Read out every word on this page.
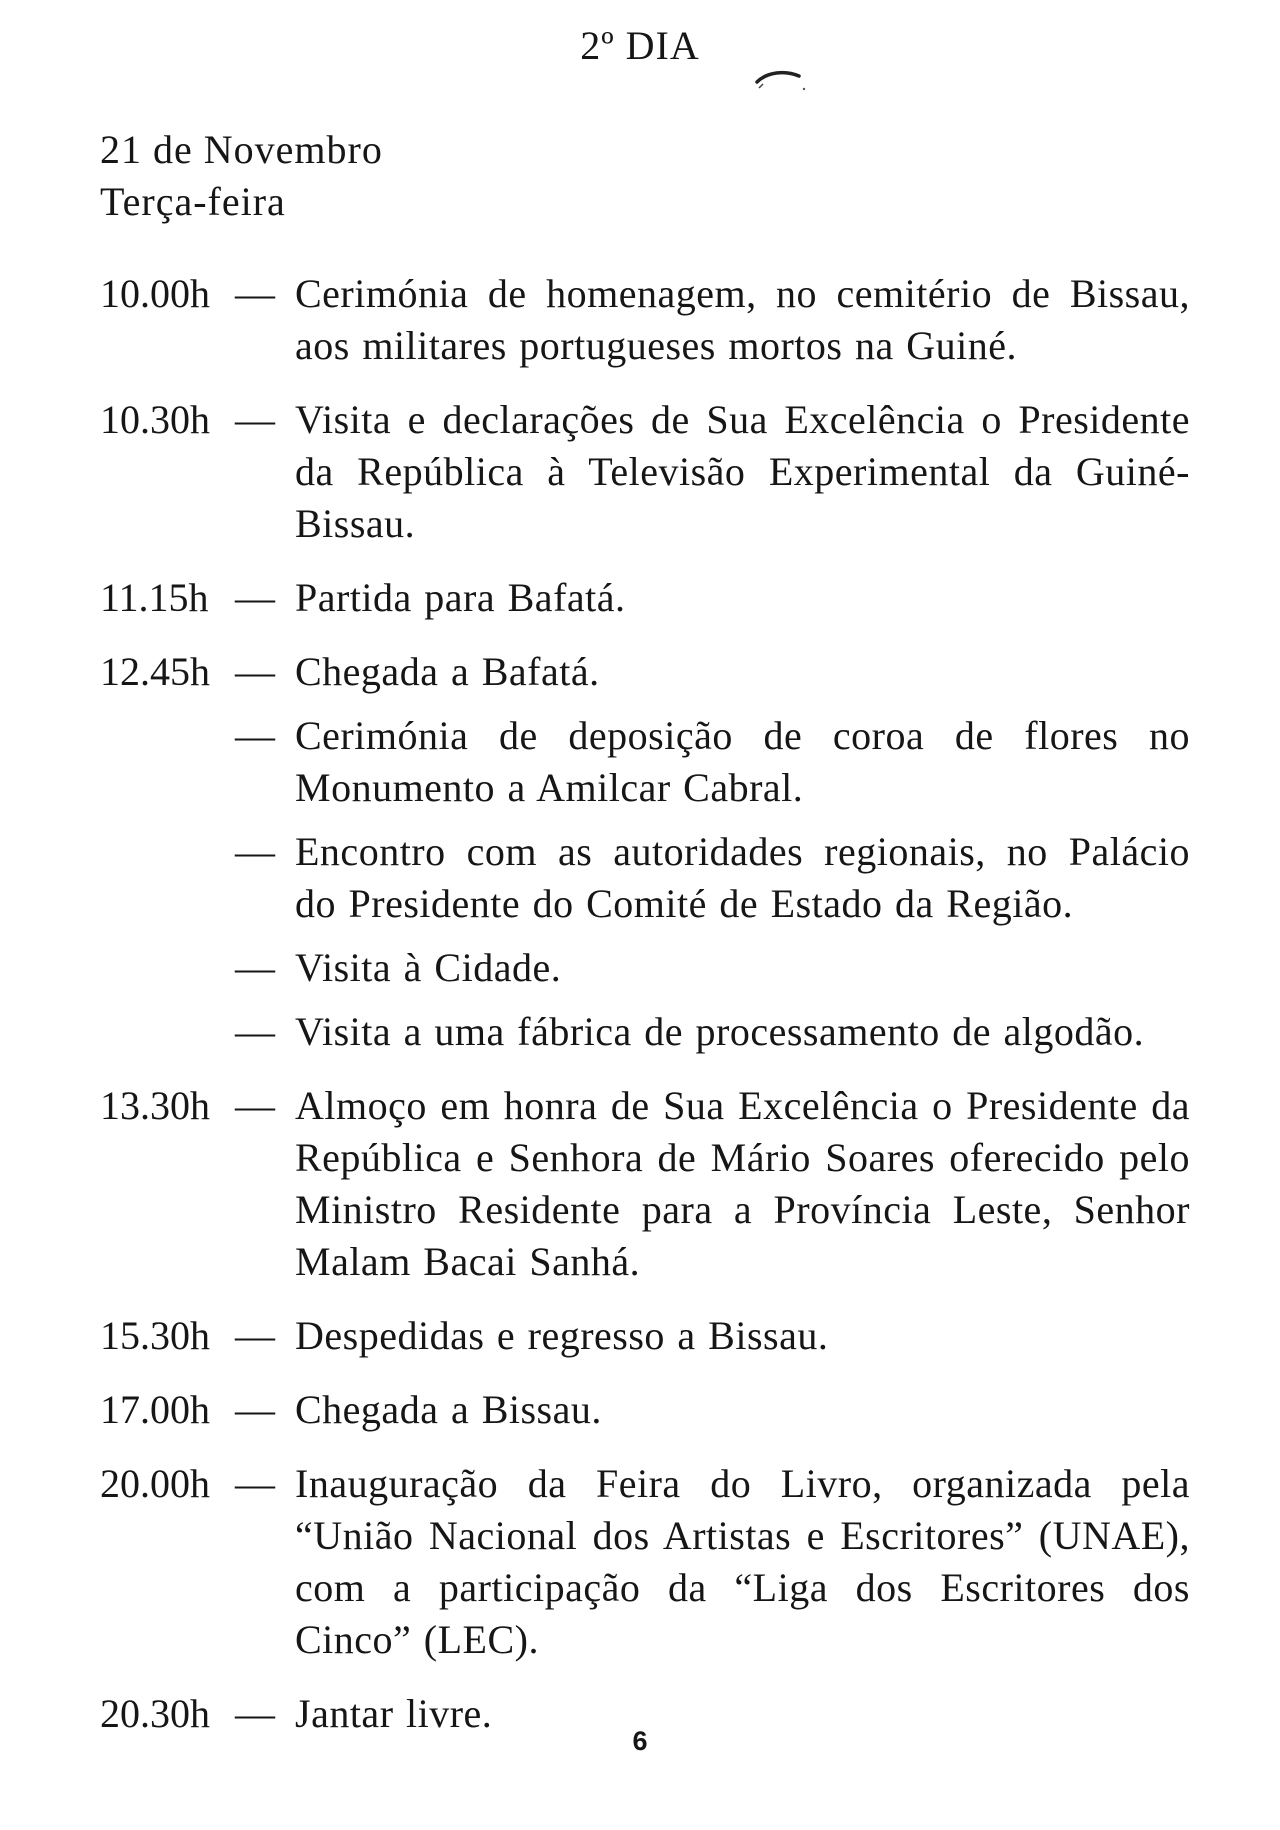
2º DIA
21 de Novembro
Terça-feira
10.00h — Cerimónia de homenagem, no cemitério de Bissau, aos militares portugueses mortos na Guiné.
10.30h — Visita e declarações de Sua Excelência o Presidente da República à Televisão Experimental da Guiné-Bissau.
11.15h — Partida para Bafatá.
12.45h — Chegada a Bafatá.
— Cerimónia de deposição de coroa de flores no Monumento a Amilcar Cabral.
— Encontro com as autoridades regionais, no Palácio do Presidente do Comité de Estado da Região.
— Visita à Cidade.
— Visita a uma fábrica de processamento de algodão.
13.30h — Almoço em honra de Sua Excelência o Presidente da República e Senhora de Mário Soares oferecido pelo Ministro Residente para a Província Leste, Senhor Malam Bacai Sanhá.
15.30h — Despedidas e regresso a Bissau.
17.00h — Chegada a Bissau.
20.00h — Inauguração da Feira do Livro, organizada pela “União Nacional dos Artistas e Escritores” (UNAE), com a participação da “Liga dos Escritores dos Cinco” (LEC).
20.30h — Jantar livre.
6
